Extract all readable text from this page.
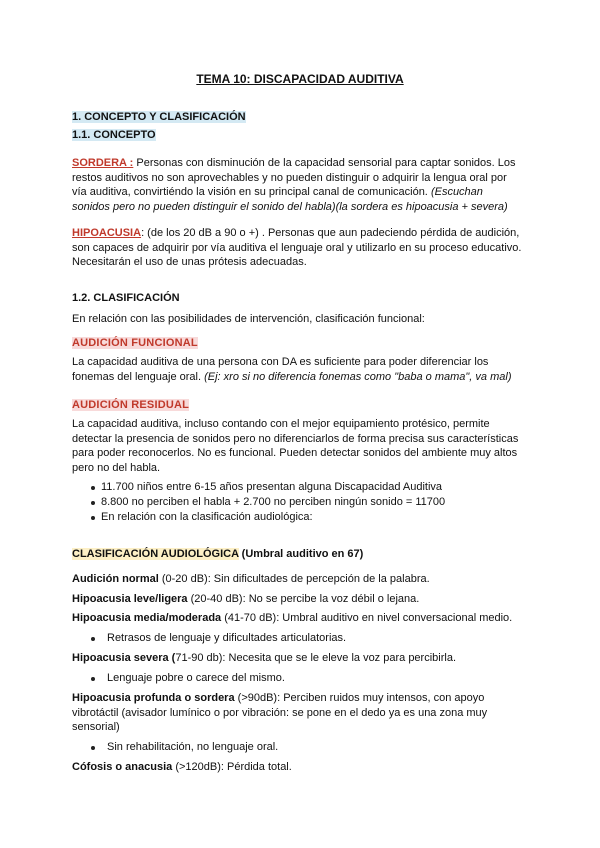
TEMA 10: DISCAPACIDAD AUDITIVA

1. CONCEPTO Y CLASIFICACIÓN

1.1. CONCEPTO

SORDERA : Personas con disminución de la capacidad sensorial para captar sonidos. Los

restos auditivos no son aprovechables y no pueden distinguir o adquirir la lengua oral por

vía auditiva, convirtiéndo la visión en su principal canal de comunicación. (Escuchan

sonidos pero no pueden distinguir el sonido del habla)(la sordera es hipoacusia + severa)

HIPOACUSIA: (de los 20 dB a 90 o +) . Personas que aun padeciendo pérdida de audición,

son capaces de adquirir por vía auditiva el lenguaje oral y utilizarlo en su proceso educativo.

Necesitarán el uso de unas prótesis adecuadas.

1.2. CLASIFICACIÓN

En relación con las posibilidades de intervención, clasificación funcional:

AUDICIÓN FUNCIONAL

La capacidad auditiva de una persona con DA es suficiente para poder diferenciar los

fonemas del lenguaje oral. (Ej: xro si no diferencia fonemas como "baba o mama", va mal)

AUDICIÓN RESIDUAL

La capacidad auditiva, incluso contando con el mejor equipamiento protésico, permite

detectar la presencia de sonidos pero no diferenciarlos de forma precisa sus características

para poder reconocerlos. No es funcional. Pueden detectar sonidos del ambiente muy altos

pero no del habla.

11.700 niños entre 6-15 años presentan alguna Discapacidad Auditiva

8.800 no perciben el habla + 2.700 no perciben ningún sonido = 11700

En relación con la clasificación audiológica:

CLASIFICACIÓN AUDIOLÓGICA (Umbral auditivo en 67)

Audición normal (0-20 dB): Sin dificultades de percepción de la palabra.

Hipoacusia leve/ligera (20-40 dB): No se percibe la voz débil o lejana.

Hipoacusia media/moderada (41-70 dB): Umbral auditivo en nivel conversacional medio.

Retrasos de lenguaje y dificultades articulatorias.

Hipoacusia severa (71-90 db): Necesita que se le eleve la voz para percibirla.

Lenguaje pobre o carece del mismo.

Hipoacusia profunda o sordera (>90dB): Perciben ruidos muy intensos, con apoyo

vibrotáctil (avisador lumínico o por vibración: se pone en el dedo ya es una zona muy

sensorial)

Sin rehabilitación, no lenguaje oral.

Cófosis o anacusia (>120dB): Pérdida total.
